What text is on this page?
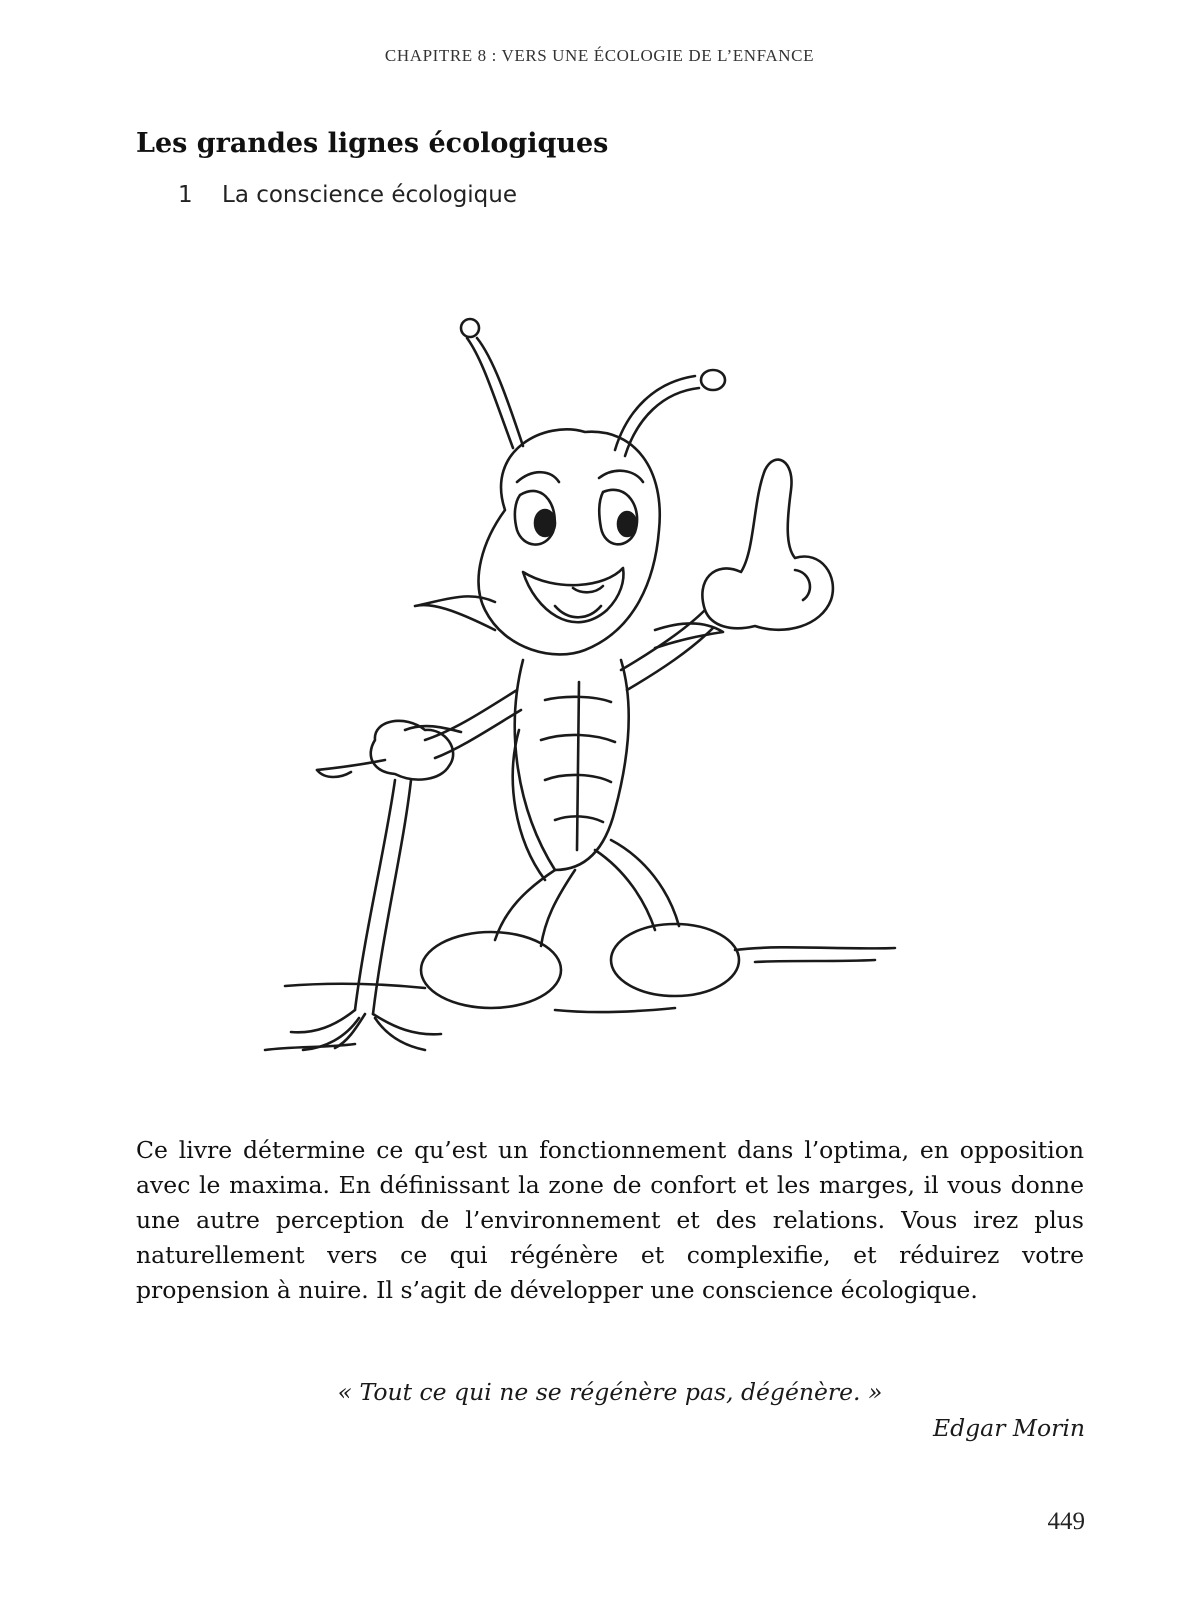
CHAPITRE 8 : VERS UNE ÉCOLOGIE DE L’ENFANCE
Les grandes lignes écologiques
1 La conscience écologique
Ce livre détermine ce qu’est un fonctionnement dans l’optima, en opposition avec le maxima. En définissant la zone de confort et les marges, il vous donne une autre perception de l’environnement et des relations. Vous irez plus naturellement vers ce qui régénère et complexifie, et réduirez votre propension à nuire. Il s’agit de développer une conscience écologique.
« Tout ce qui ne se régénère pas, dégénère. »
Edgar Morin
449
